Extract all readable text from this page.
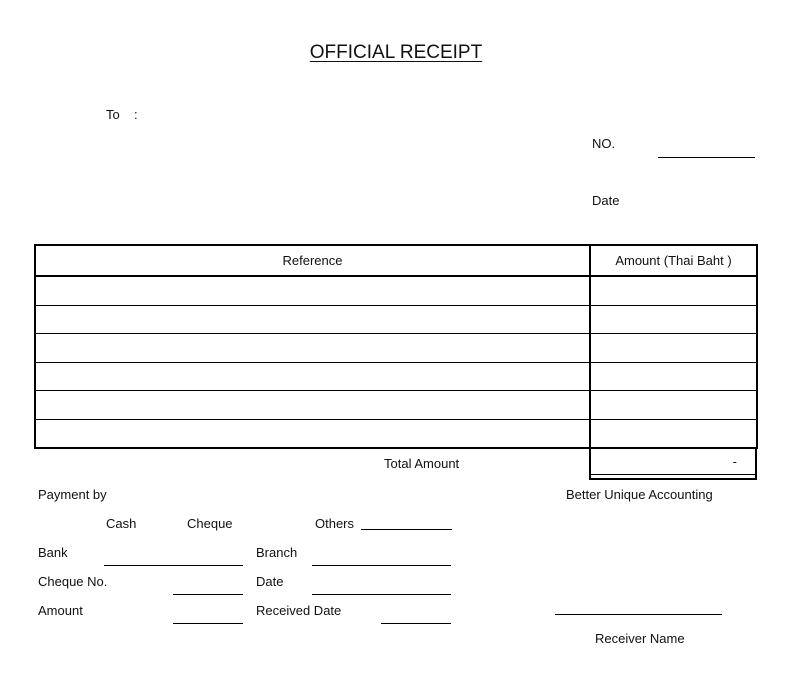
OFFICIAL RECEIPT
To :
NO.
Date
Reference	Amount (Thai Baht )

Total Amount	-
Payment by	Better Unique Accounting
Cash	Cheque	Others
Bank	Branch
Cheque No.	Date
Amount	Received Date
Receiver Name
